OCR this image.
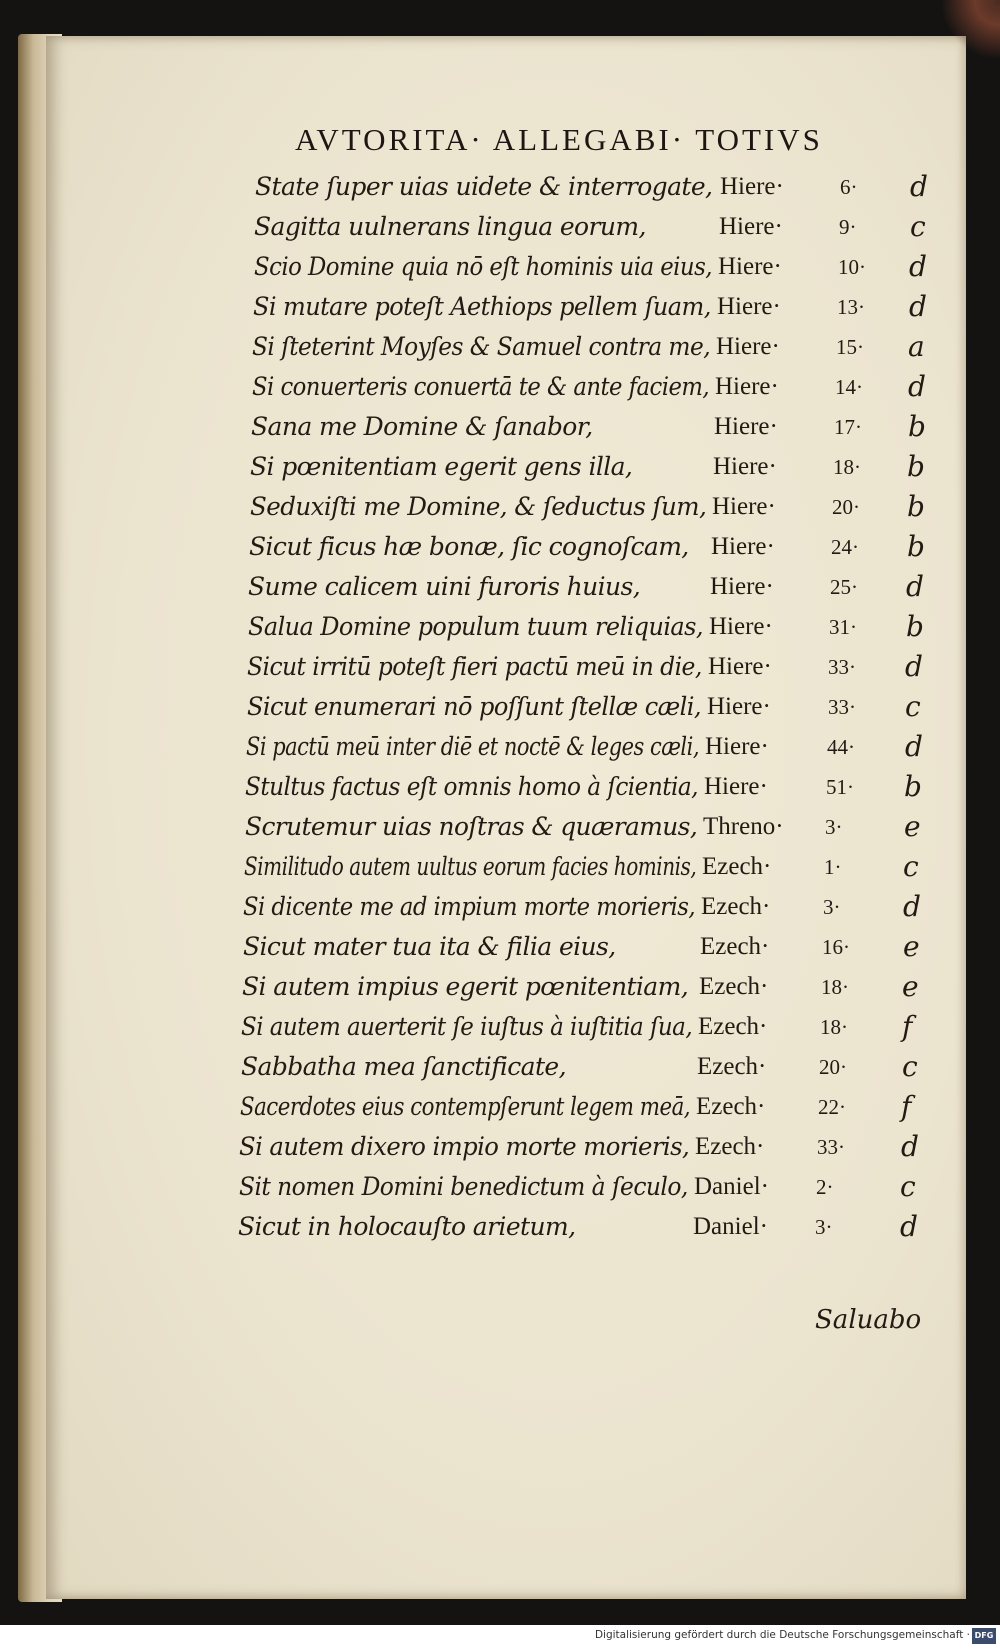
AVTORITA· ALLEGABI· TOTIVS
State ſuper uias uidete & interrogate, Hiere·	6· d
Sagitta uulnerans lingua eorum,	Hiere·	9· c
Scio Domine quia nō eſt hominis uia eius, Hiere·	10· d
Si mutare poteſt Aethiops pellem ſuam, Hiere·	13· d
Si ſteterint Moyſes & Samuel contra me, Hiere·	15· a
Si conuerteris conuertā te & ante faciem, Hiere·	14· d
Sana me Domine & ſanabor,	Hiere·	17· b
Si pœnitentiam egerit gens illa,	Hiere·	18· b
Seduxiſti me Domine, & ſeductus ſum, Hiere·	20· b
Sicut ficus hæ bonæ, ſic cognoſcam, Hiere·	24· b
Sume calicem uini furoris huius,	Hiere·	25· d
Salua Domine populum tuum reliquias, Hiere·	31· b
Sicut irritū poteſt fieri pactū meū in die, Hiere·	33· d
Sicut enumerari nō poſſunt ſtellæ cæli, Hiere·	33· c
Si pactū meū inter diē et noctē & leges cæli, Hiere·	44· d
Stultus factus eſt omnis homo à ſcientia, Hiere·	51· b
Scrutemur uias noſtras & quæramus, Threno· 3· e
Similitudo autem uultus eorum facies hominis, Ezech·	1· c
Si dicente me ad impium morte morieris, Ezech·	3· d
Sicut mater tua ita & filia eius,	Ezech·	16· e
Si autem impius egerit pœnitentiam, Ezech·	18· e
Si autem auerterit ſe iuſtus à iuſtitia ſua, Ezech·	18· f
Sabbatha mea ſanctificate,	Ezech·	20· c
Sacerdotes eius contempſerunt legem meā, Ezech·	22· f
Si autem dixero impio morte morieris, Ezech·	33· d
Sit nomen Domini benedictum à ſeculo, Daniel· 2· c
Sicut in holocauſto arietum,	Daniel· 3· d
Saluabo
Digitalisierung gefördert durch die Deutsche Forschungsgemeinschaft · DFG
